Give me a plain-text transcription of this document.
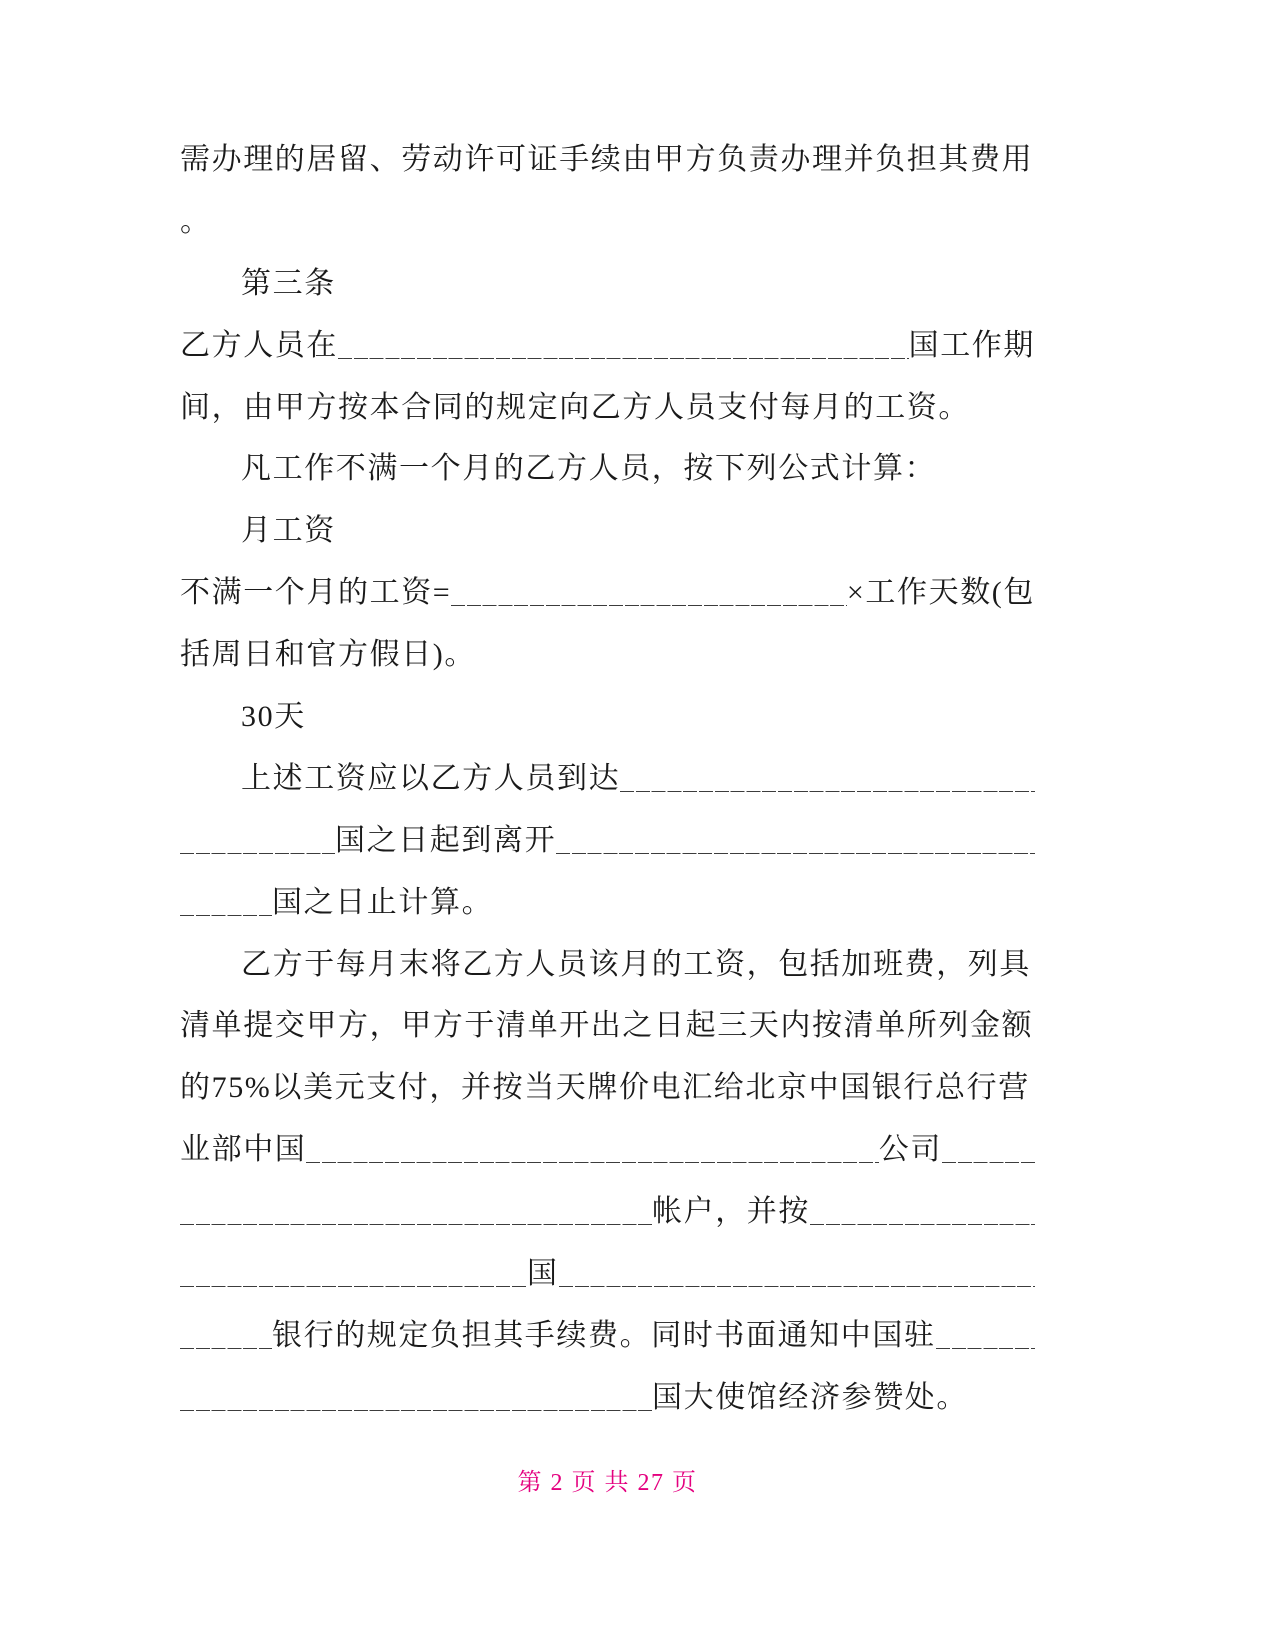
需办理的居留、劳动许可证手续由甲方负责办理并负担其费用
。
第三条
乙方人员在	国工作期
间，由甲方按本合同的规定向乙方人员支付每月的工资。
凡工作不满一个月的乙方人员，按下列公式计算：
月工资
不满一个月的工资=	×工作天数(包
括周日和官方假日)。
30天
上述工资应以乙方人员到达
国之日起到离开
国之日止计算。
乙方于每月末将乙方人员该月的工资，包括加班费，列具
清单提交甲方，甲方于清单开出之日起三天内按清单所列金额
的75%以美元支付，并按当天牌价电汇给北京中国银行总行营
业部中国	公司
帐户，并按
国
银行的规定负担其手续费。同时书面通知中国驻
国大使馆经济参赞处。
第 2 页 共 27 页
